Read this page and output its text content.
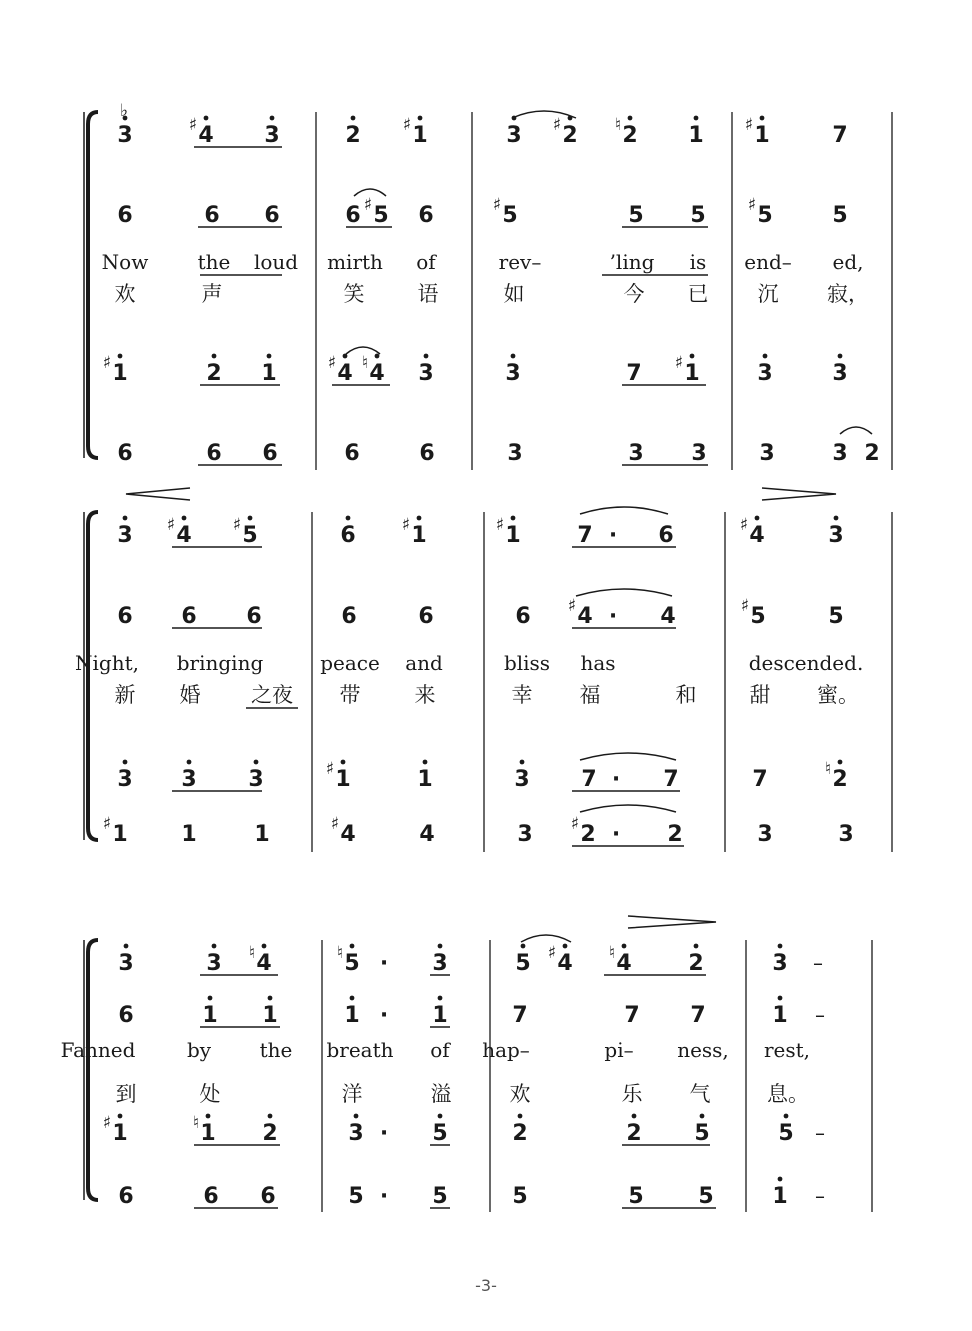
3	♯ 4 3	2 ♯ 1	3 ♯ 2 ♮ 2 1 ♯ 1	7
6	6 6	6 ♯ 5 6	♯ 5	5 5 ♯ 5	5
Now the loud mirth of	rev–	’ling is end– ed,
欢	声	笑	语	如	今 已 沉 寂，
♯ 1	2 1	♯ 4 ♮ 4 3	3	7 ♯ 1	3	3
6	6 6	6	6	3	3 3 3	3 2
3 ♯ 4 ♯ 5	6	♯ 1	♯ 1	7 · 6	♯ 4	3
6 6 6	6	6	6 ♯ 4 · 4	♯ 5	5
Night, bringing	peace and	bliss has	descended.
新 婚 之夜 带	来	幸 福	和	甜 蜜。
3 3 3	♯ 1	1	3 7 · 7	7	♮ 2
♯ 1 1	1	♯ 4	4	3 ♯ 2 · 2	3	3
3	3 ♮ 4	♮ 5 · 3	5 ♯ 4 ♮ 4	2	3 –
6	1 1	1 · 1	7	7 7	1 –
Fanned	by the breath of hap–	pi– ness, rest,
到	处	洋	溢	欢	乐 气	息。
♯ 1	♮ 1 2	3 · 5	2	2 5	5 –
6	6 6	5 · 5	5	5 5	1 –
♭
-3-
